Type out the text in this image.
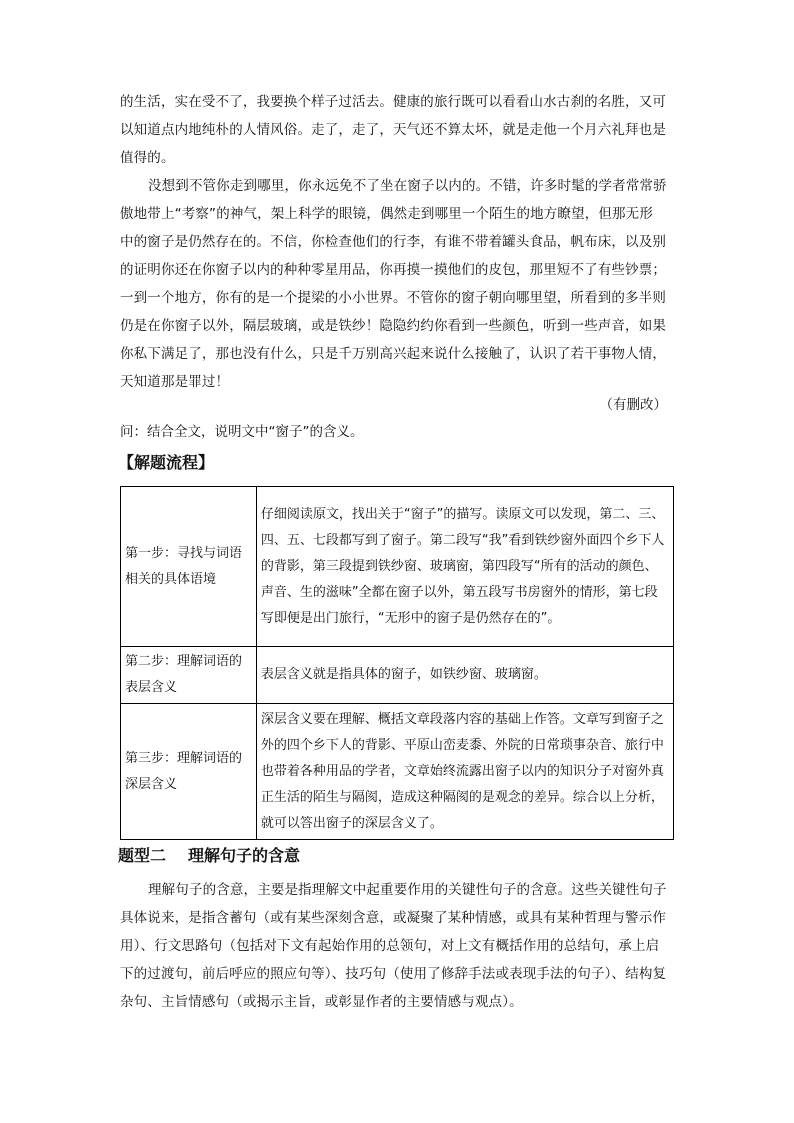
的生活，实在受不了，我要换个样子过活去。健康的旅行既可以看看山水古刹的名胜，又可
以知道点内地纯朴的人情风俗。走了，走了，天气还不算太坏，就是走他一个月六礼拜也是
值得的。
没想到不管你走到哪里，你永远免不了坐在窗子以内的。不错，许多时髦的学者常常骄
傲地带上“考察”的神气，架上科学的眼镜，偶然走到哪里一个陌生的地方瞭望，但那无形
中的窗子是仍然存在的。不信，你检查他们的行李，有谁不带着罐头食品，帆布床，以及别
的证明你还在你窗子以内的种种零星用品，你再摸一摸他们的皮包，那里短不了有些钞票；
一到一个地方，你有的是一个提梁的小小世界。不管你的窗子朝向哪里望，所看到的多半则
仍是在你窗子以外，隔层玻璃，或是铁纱！隐隐约约你看到一些颜色，听到一些声音，如果
你私下满足了，那也没有什么，只是千万别高兴起来说什么接触了，认识了若干事物人情，
天知道那是罪过！

（有删改）

问：结合全文，说明文中“窗子”的含义。

【解题流程】
第一步：寻找与词语相关的具体语境	仔细阅读原文，找出关于“窗子”的描写。读原文可以发现，第二、三、四、五、七段都写到了窗子。第二段写“我”看到铁纱窗外面四个乡下人的背影，第三段提到铁纱窗、玻璃窗，第四段写“所有的活动的颜色、声音、生的滋味”全都在窗子以外，第五段写书房窗外的情形，第七段写即便是出门旅行，“无形中的窗子是仍然存在的”。
第二步：理解词语的表层含义	表层含义就是指具体的窗子，如铁纱窗、玻璃窗。
第三步：理解词语的深层含义	深层含义要在理解、概括文章段落内容的基础上作答。文章写到窗子之外的四个乡下人的背影、平原山峦麦黍、外院的日常琐事杂音、旅行中也带着各种用品的学者，文章始终流露出窗子以内的知识分子对窗外真正生活的陌生与隔阂，造成这种隔阂的是观念的差异。综合以上分析，就可以答出窗子的深层含义了。
题型二 理解句子的含意
理解句子的含意，主要是指理解文中起重要作用的关键性句子的含意。这些关键性句子
具体说来，是指含蓄句（或有某些深刻含意，或凝聚了某种情感，或具有某种哲理与警示作
用）、行文思路句（包括对下文有起始作用的总领句，对上文有概括作用的总结句，承上启
下的过渡句，前后呼应的照应句等）、技巧句（使用了修辞手法或表现手法的句子）、结构复
杂句、主旨情感句（或揭示主旨，或彰显作者的主要情感与观点）。
